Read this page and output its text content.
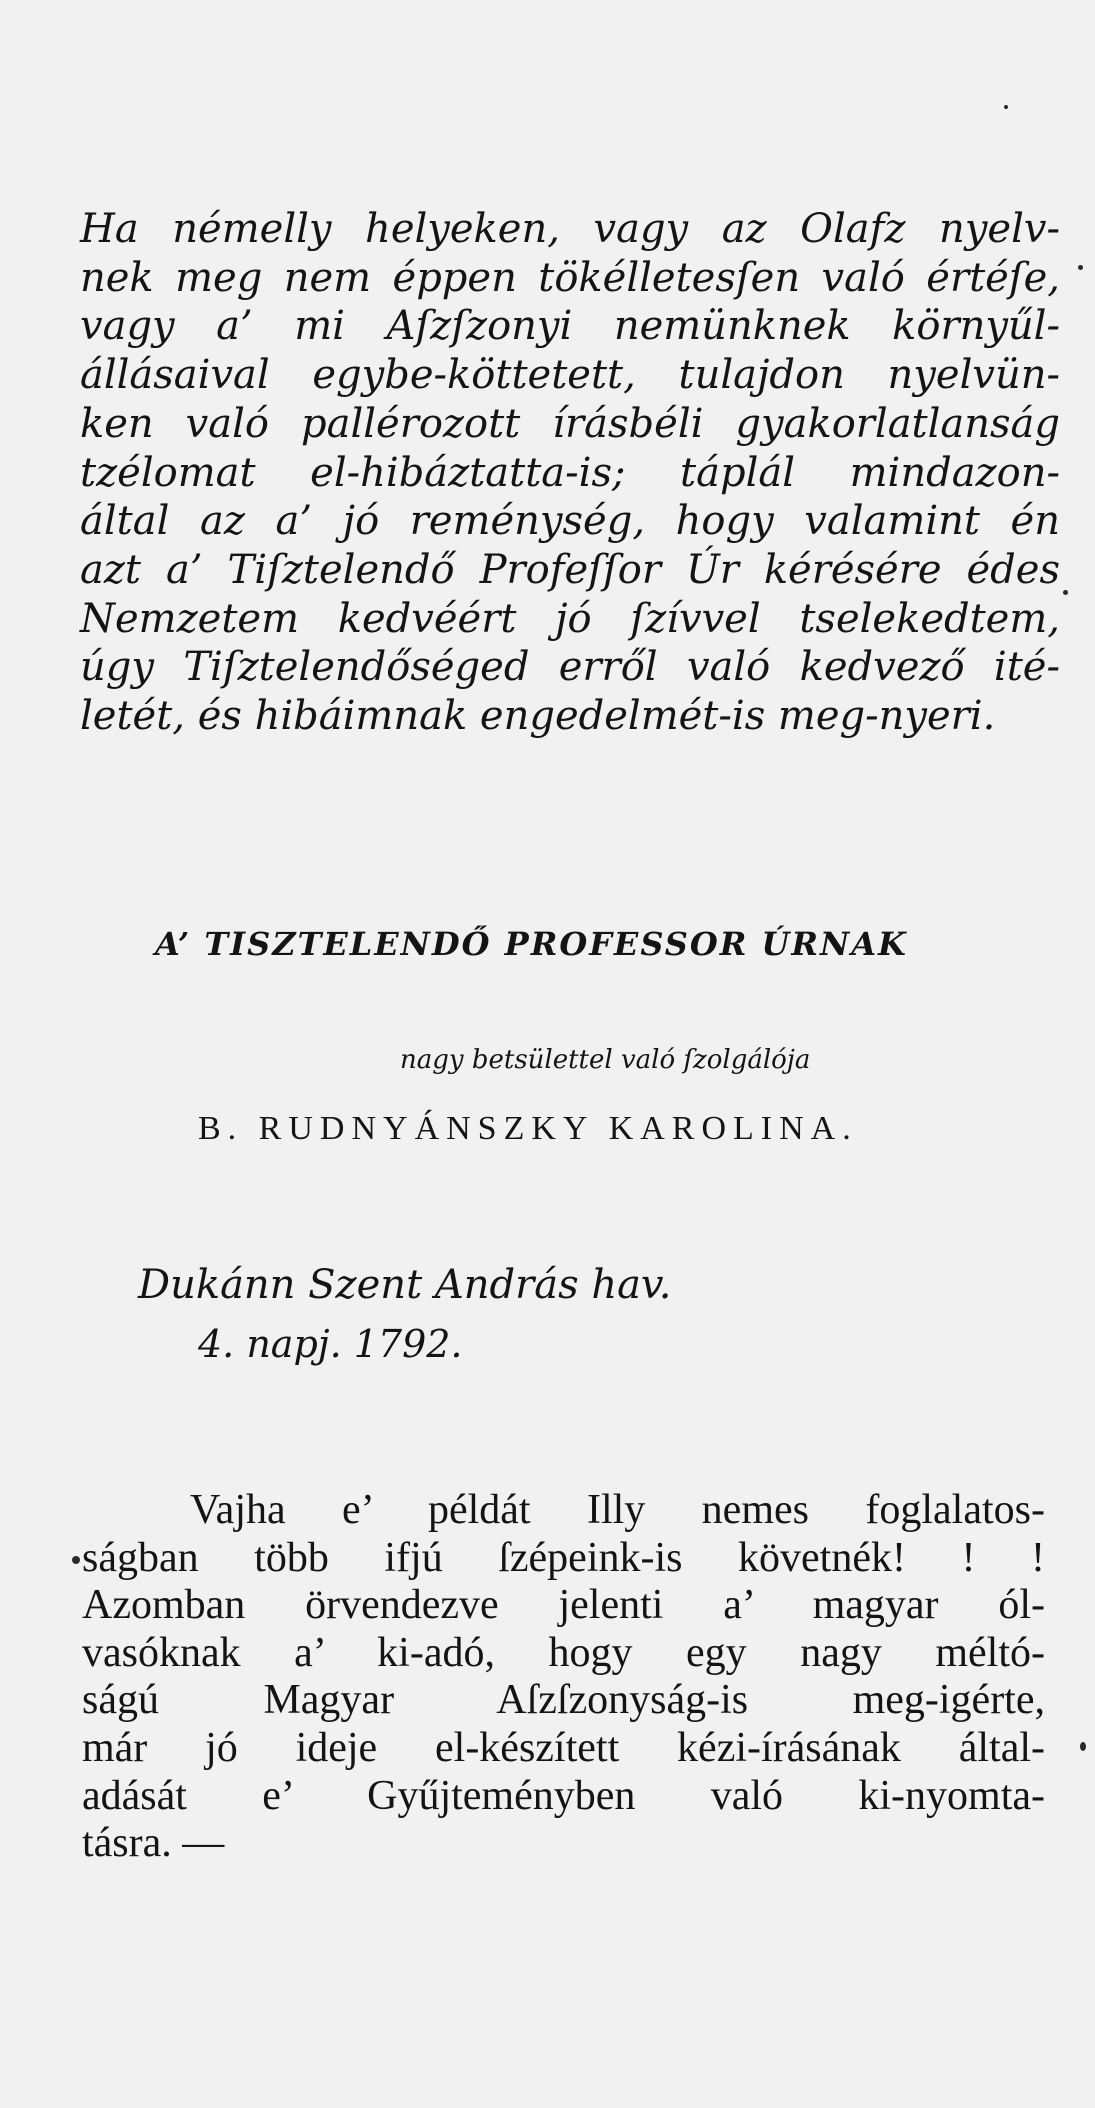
Ha némelly helyeken, vagy az Olafz nyelv-
nek meg nem éppen tökélletesſen való értéſe,
vagy a’ mi Aſzſzonyi nemünknek környűl-
állásaival egybe-köttetett, tulajdon nyelvün-
ken való pallérozott írásbéli gyakorlatlanság
tzélomat el-hibáztatta-is; táplál mindazon-
által az a’ jó reménység, hogy valamint én
azt a’ Tiſztelendő Profeſſor Úr kérésére édes
Nemzetem kedvéért jó ſzívvel tselekedtem,
úgy Tiſztelendőséged erről való kedvező ité-
letét, és hibáimnak engedelmét-is meg-nyeri.
A’ TISZTELENDŐ PROFESSOR ÚRNAK
nagy betsülettel való ſzolgálója
B. RUDNYÁNSZKY KAROLINA.
Dukánn Szent András hav.
4. napj. 1792.
Vajha e’ példát Illy nemes foglalatos-
ságban több ifjú ſzépeink-is követnék! ! !
Azomban örvendezve jelenti a’ magyar ól-
vasóknak a’ ki-adó, hogy egy nagy méltó-
ságú Magyar Aſzſzonyság-is meg-igérte,
már jó ideje el-készített kézi-írásának által-
adását e’ Gyűjteményben való ki-nyomta-
tásra. —
